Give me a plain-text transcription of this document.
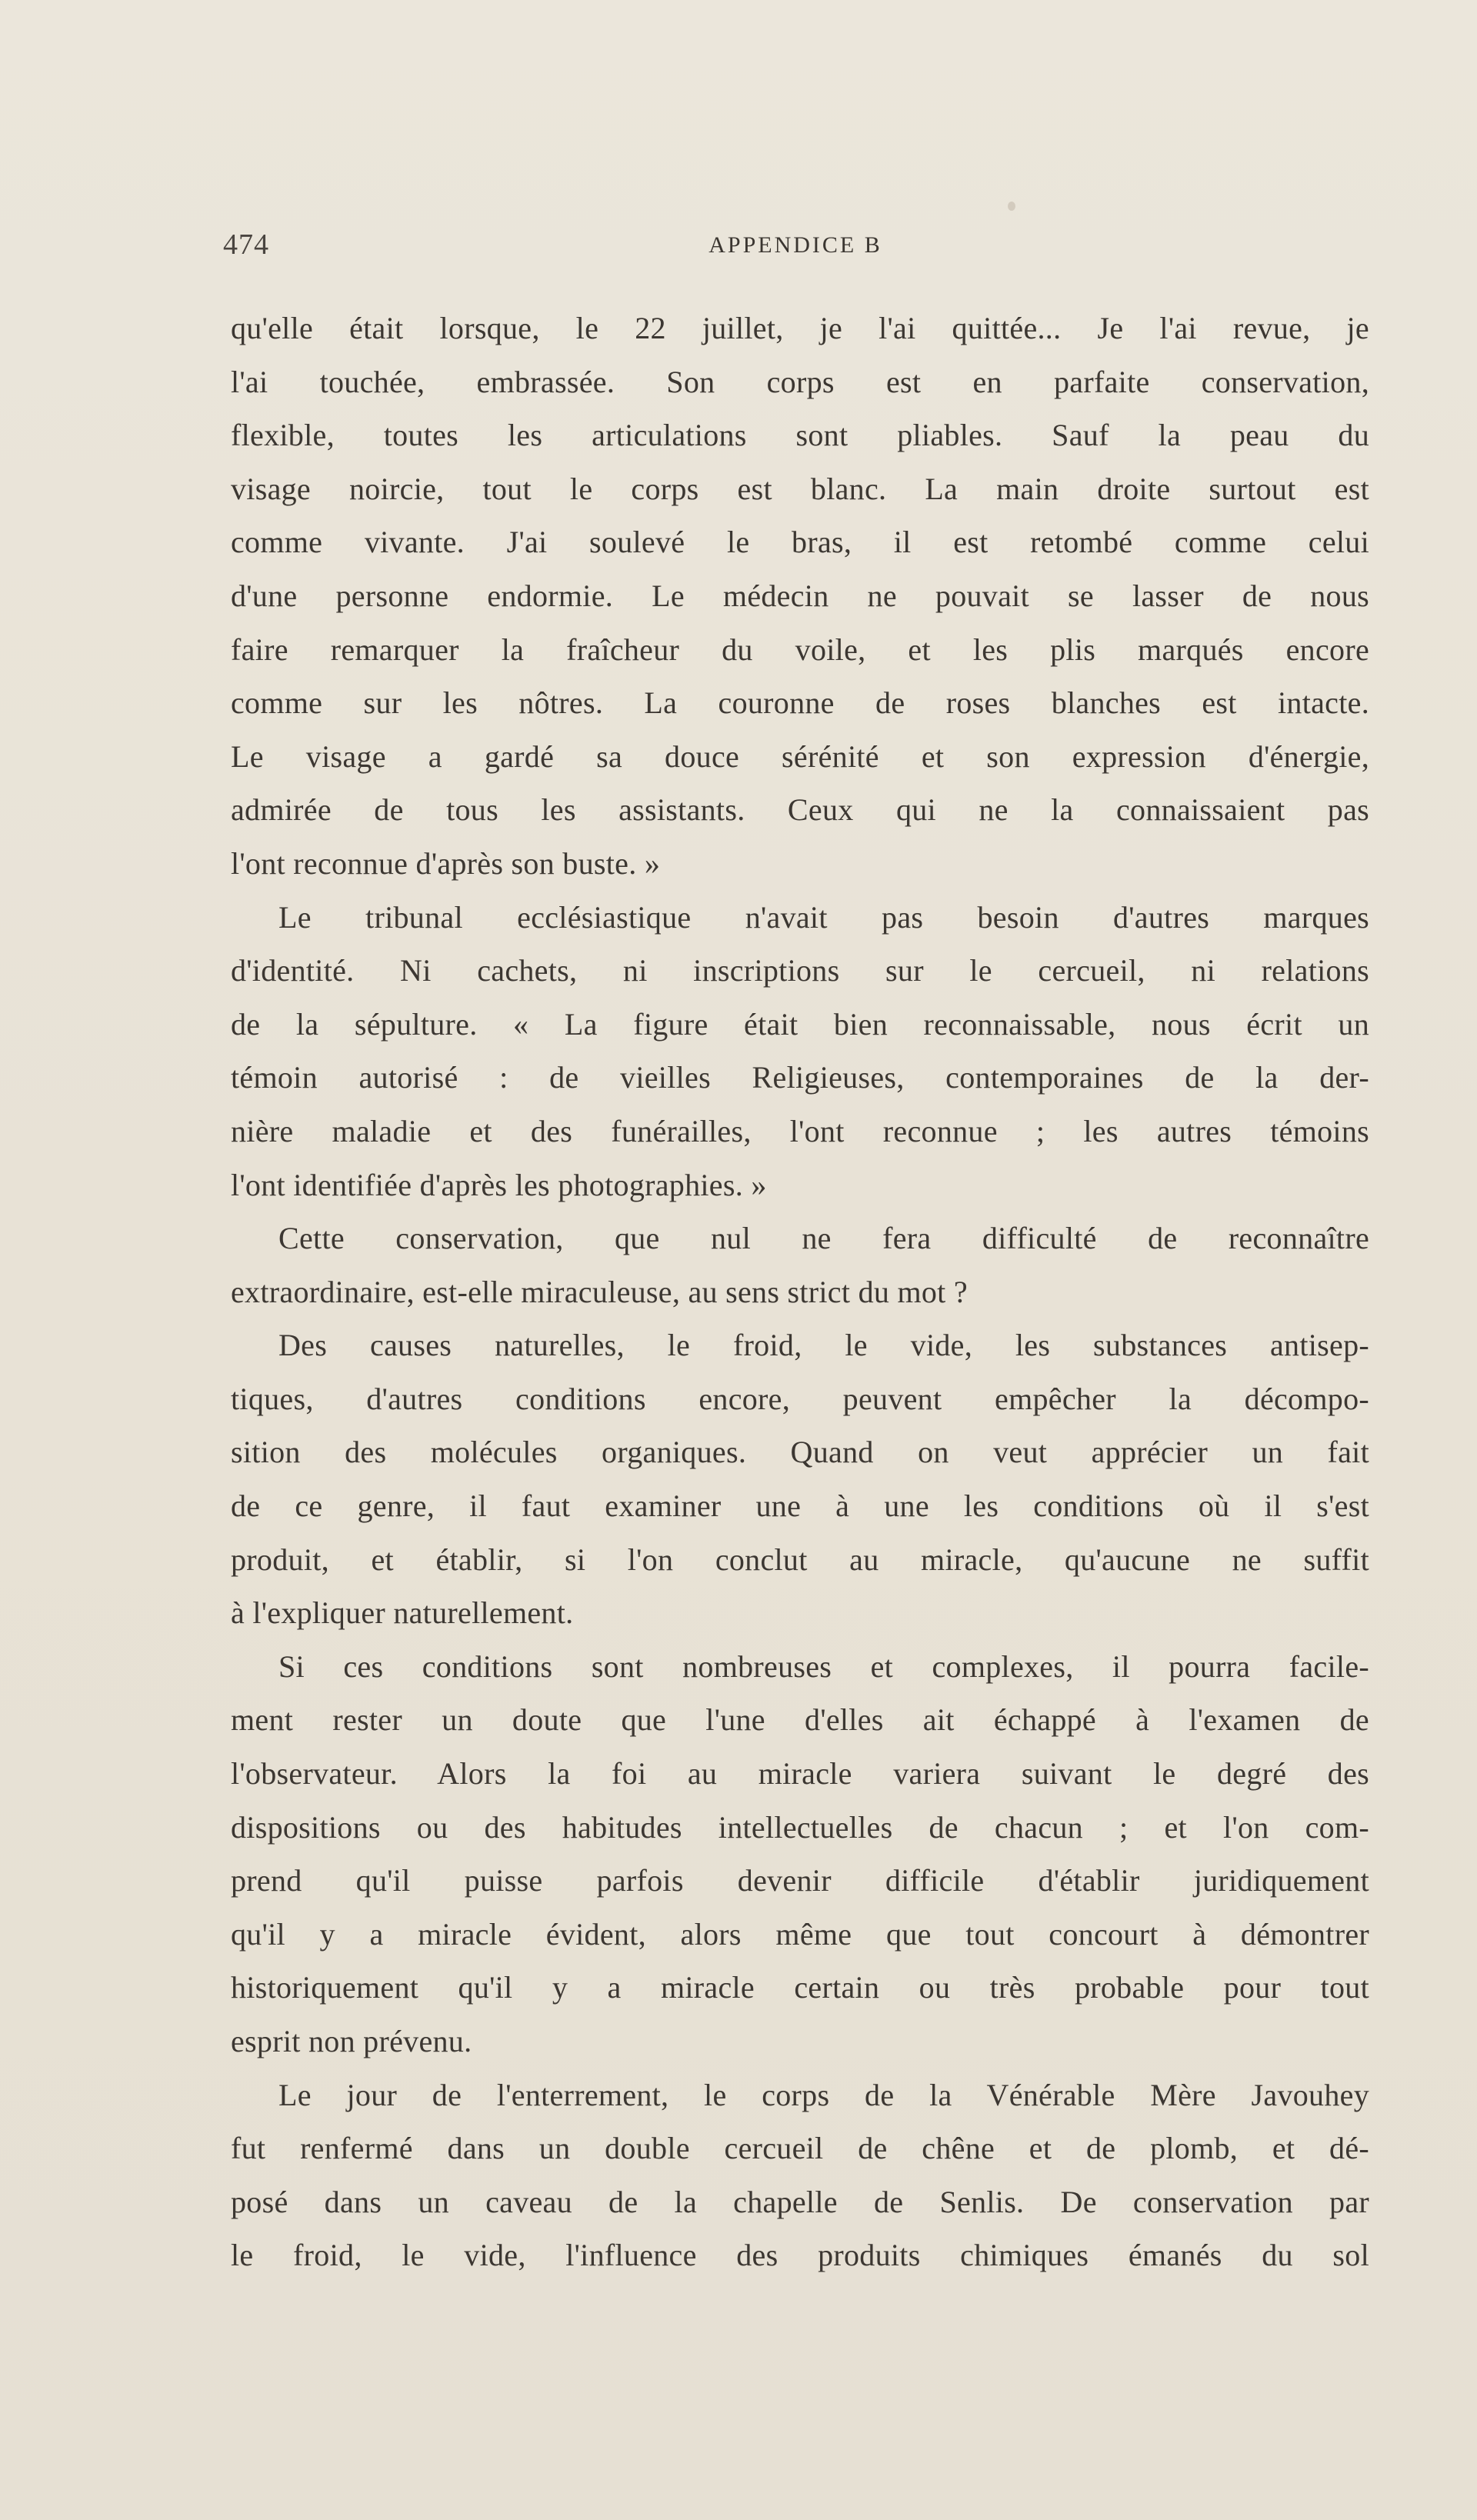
474	APPENDICE B
qu'elle était lorsque, le 22 juillet, je l'ai quittée... Je l'ai revue, je
l'ai touchée, embrassée. Son corps est en parfaite conservation,
flexible, toutes les articulations sont pliables. Sauf la peau du
visage noircie, tout le corps est blanc. La main droite surtout est
comme vivante. J'ai soulevé le bras, il est retombé comme celui
d'une personne endormie. Le médecin ne pouvait se lasser de nous
faire remarquer la fraîcheur du voile, et les plis marqués encore
comme sur les nôtres. La couronne de roses blanches est intacte.
Le visage a gardé sa douce sérénité et son expression d'énergie,
admirée de tous les assistants. Ceux qui ne la connaissaient pas
l'ont reconnue d'après son buste. »
Le tribunal ecclésiastique n'avait pas besoin d'autres marques
d'identité. Ni cachets, ni inscriptions sur le cercueil, ni relations
de la sépulture. « La figure était bien reconnaissable, nous écrit un
témoin autorisé : de vieilles Religieuses, contemporaines de la der-
nière maladie et des funérailles, l'ont reconnue ; les autres témoins
l'ont identifiée d'après les photographies. »
Cette conservation, que nul ne fera difficulté de reconnaître
extraordinaire, est-elle miraculeuse, au sens strict du mot ?
Des causes naturelles, le froid, le vide, les substances antisep-
tiques, d'autres conditions encore, peuvent empêcher la décompo-
sition des molécules organiques. Quand on veut apprécier un fait
de ce genre, il faut examiner une à une les conditions où il s'est
produit, et établir, si l'on conclut au miracle, qu'aucune ne suffit
à l'expliquer naturellement.
Si ces conditions sont nombreuses et complexes, il pourra facile-
ment rester un doute que l'une d'elles ait échappé à l'examen de
l'observateur. Alors la foi au miracle variera suivant le degré des
dispositions ou des habitudes intellectuelles de chacun ; et l'on com-
prend qu'il puisse parfois devenir difficile d'établir juridiquement
qu'il y a miracle évident, alors même que tout concourt à démontrer
historiquement qu'il y a miracle certain ou très probable pour tout
esprit non prévenu.
Le jour de l'enterrement, le corps de la Vénérable Mère Javouhey
fut renfermé dans un double cercueil de chêne et de plomb, et dé-
posé dans un caveau de la chapelle de Senlis. De conservation par
le froid, le vide, l'influence des produits chimiques émanés du sol
